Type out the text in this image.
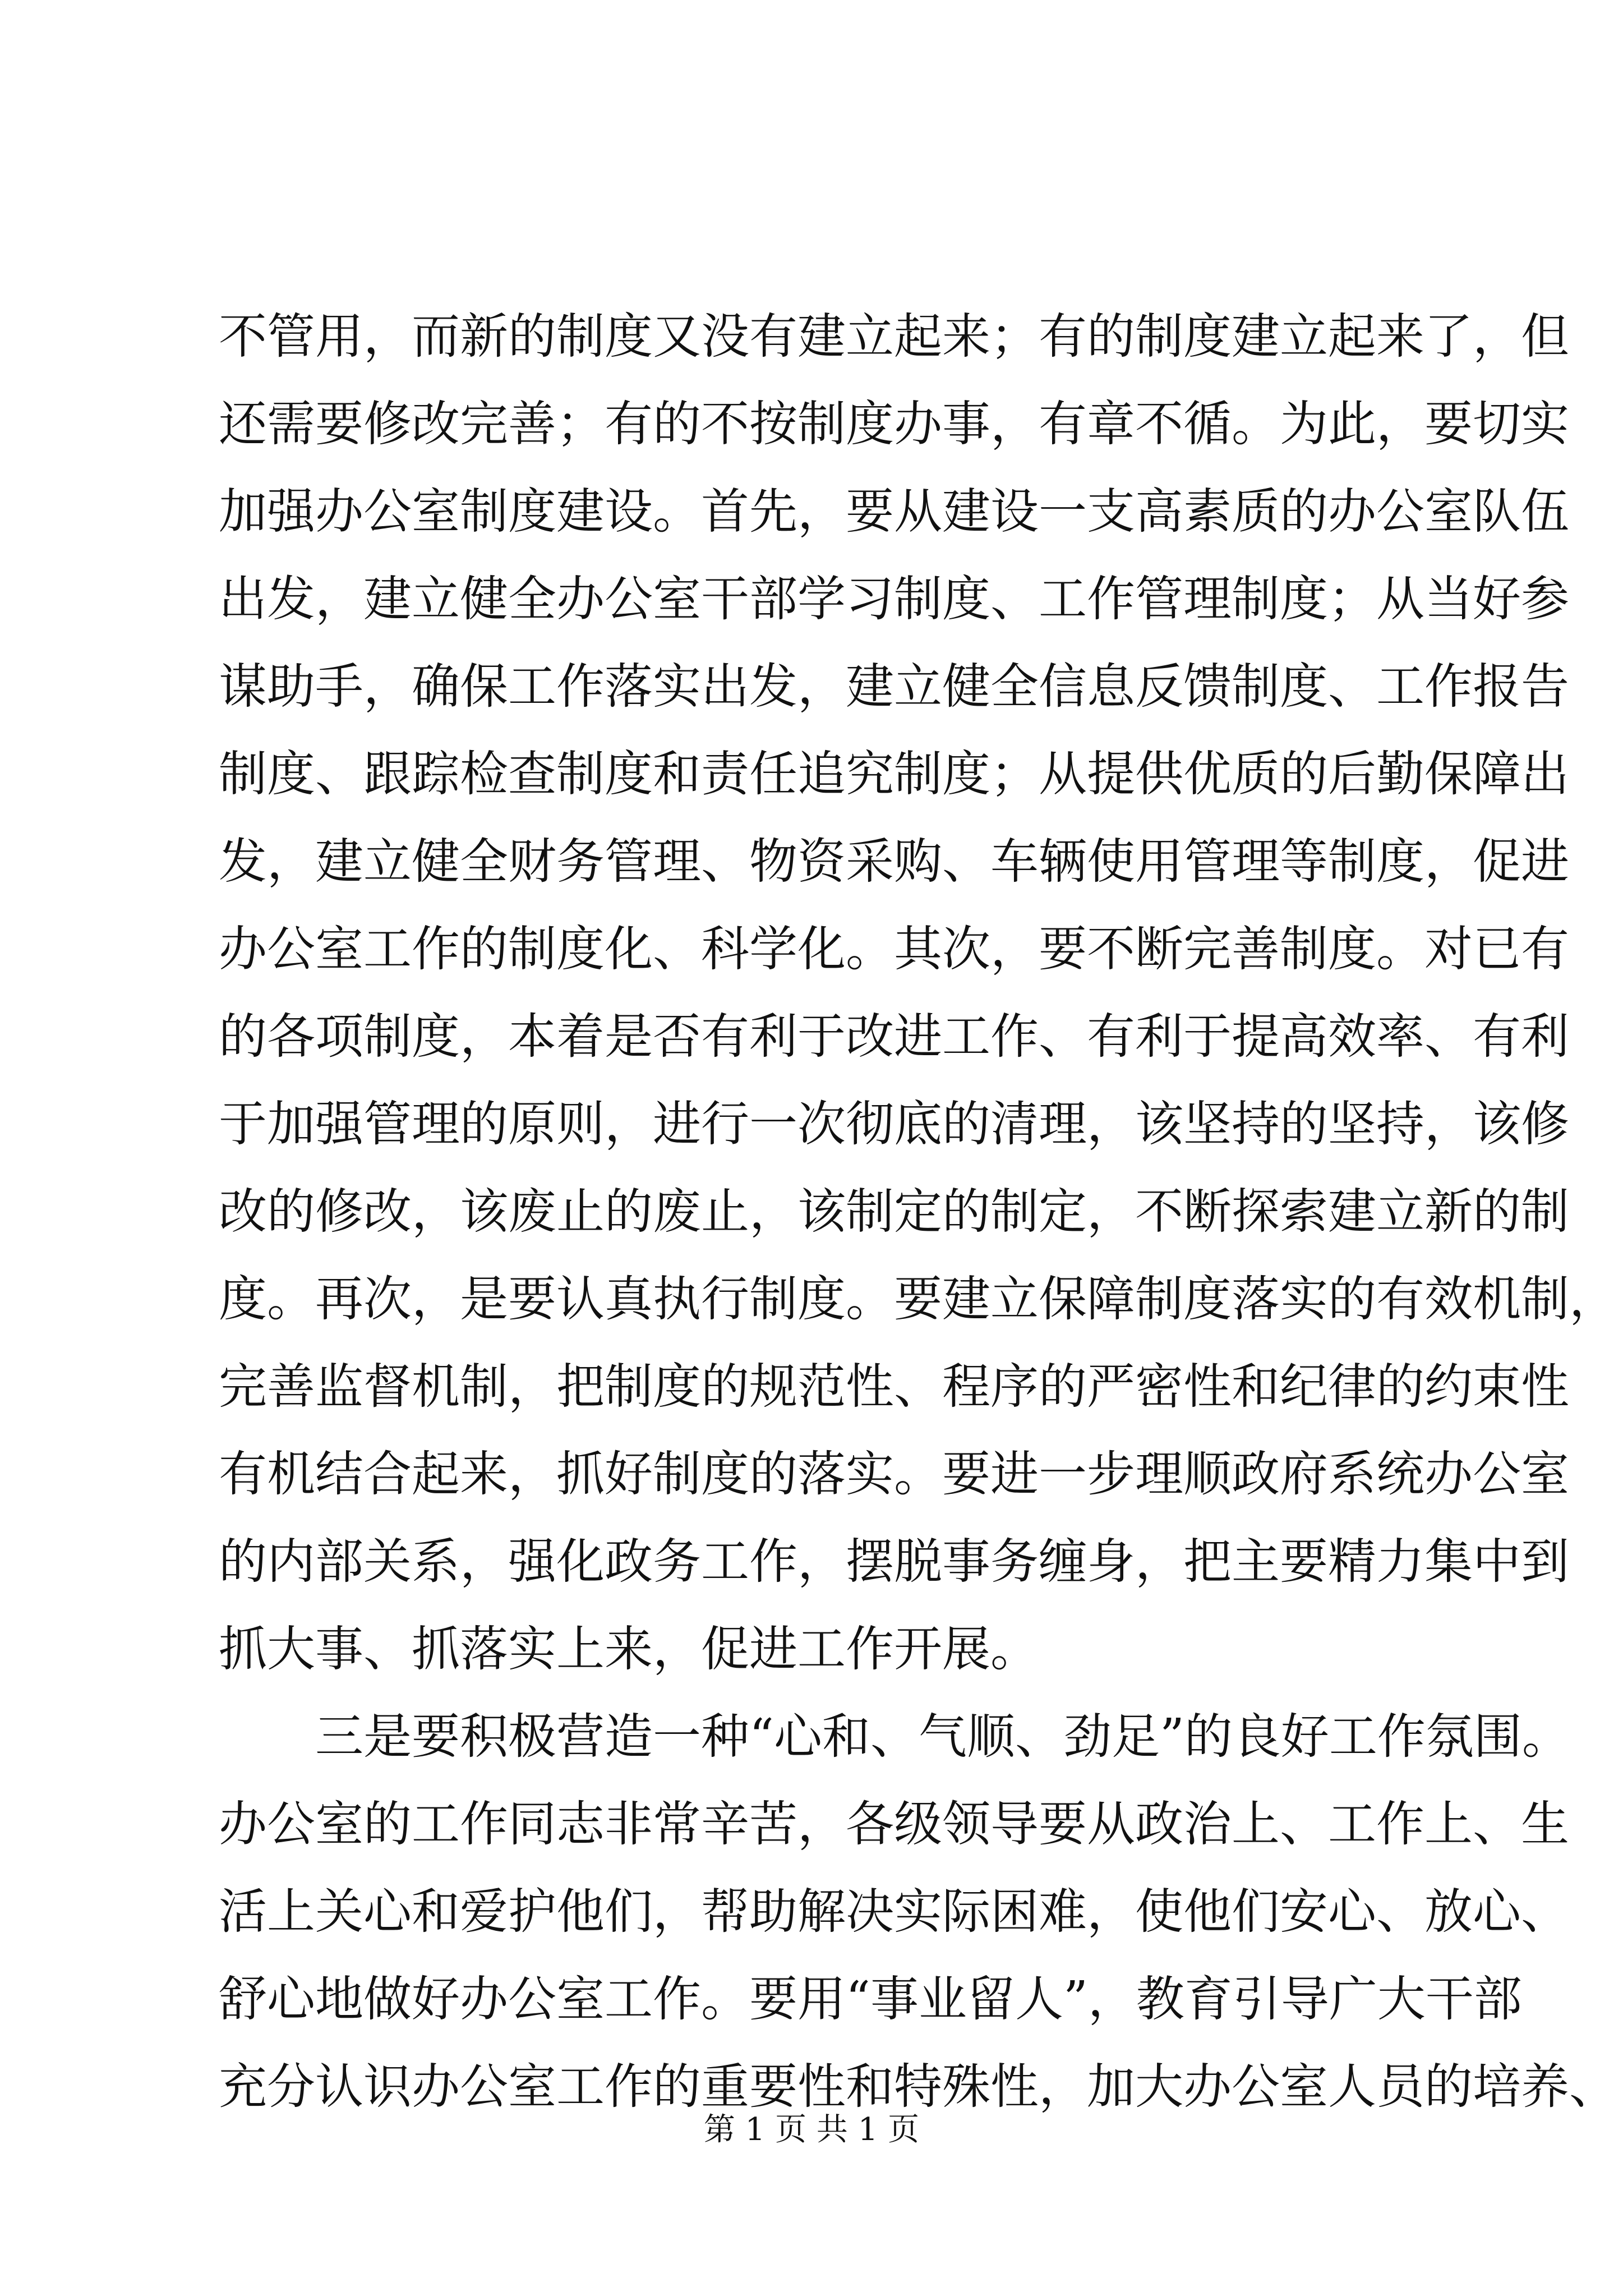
不管用，而新的制度又没有建立起来；有的制度建立起来了，但
还需要修改完善；有的不按制度办事，有章不循。为此，要切实
加强办公室制度建设。首先，要从建设一支高素质的办公室队伍
出发，建立健全办公室干部学习制度、工作管理制度；从当好参
谋助手，确保工作落实出发，建立健全信息反馈制度、工作报告
制度、跟踪检查制度和责任追究制度；从提供优质的后勤保障出
发，建立健全财务管理、物资采购、车辆使用管理等制度，促进
办公室工作的制度化、科学化。其次，要不断完善制度。对已有
的各项制度，本着是否有利于改进工作、有利于提高效率、有利
于加强管理的原则，进行一次彻底的清理，该坚持的坚持，该修
改的修改，该废止的废止，该制定的制定，不断探索建立新的制
度。再次，是要认真执行制度。要建立保障制度落实的有效机制，
完善监督机制，把制度的规范性、程序的严密性和纪律的约束性
有机结合起来，抓好制度的落实。要进一步理顺政府系统办公室
的内部关系，强化政务工作，摆脱事务缠身，把主要精力集中到
抓大事、抓落实上来，促进工作开展。
三是要积极营造一种“心和、气顺、劲足”的良好工作氛围。
办公室的工作同志非常辛苦，各级领导要从政治上、工作上、生
活上关心和爱护他们，帮助解决实际困难，使他们安心、放心、
舒心地做好办公室工作。要用“事业留人”，教育引导广大干部
充分认识办公室工作的重要性和特殊性，加大办公室人员的培养、
第 1 页 共 1 页
